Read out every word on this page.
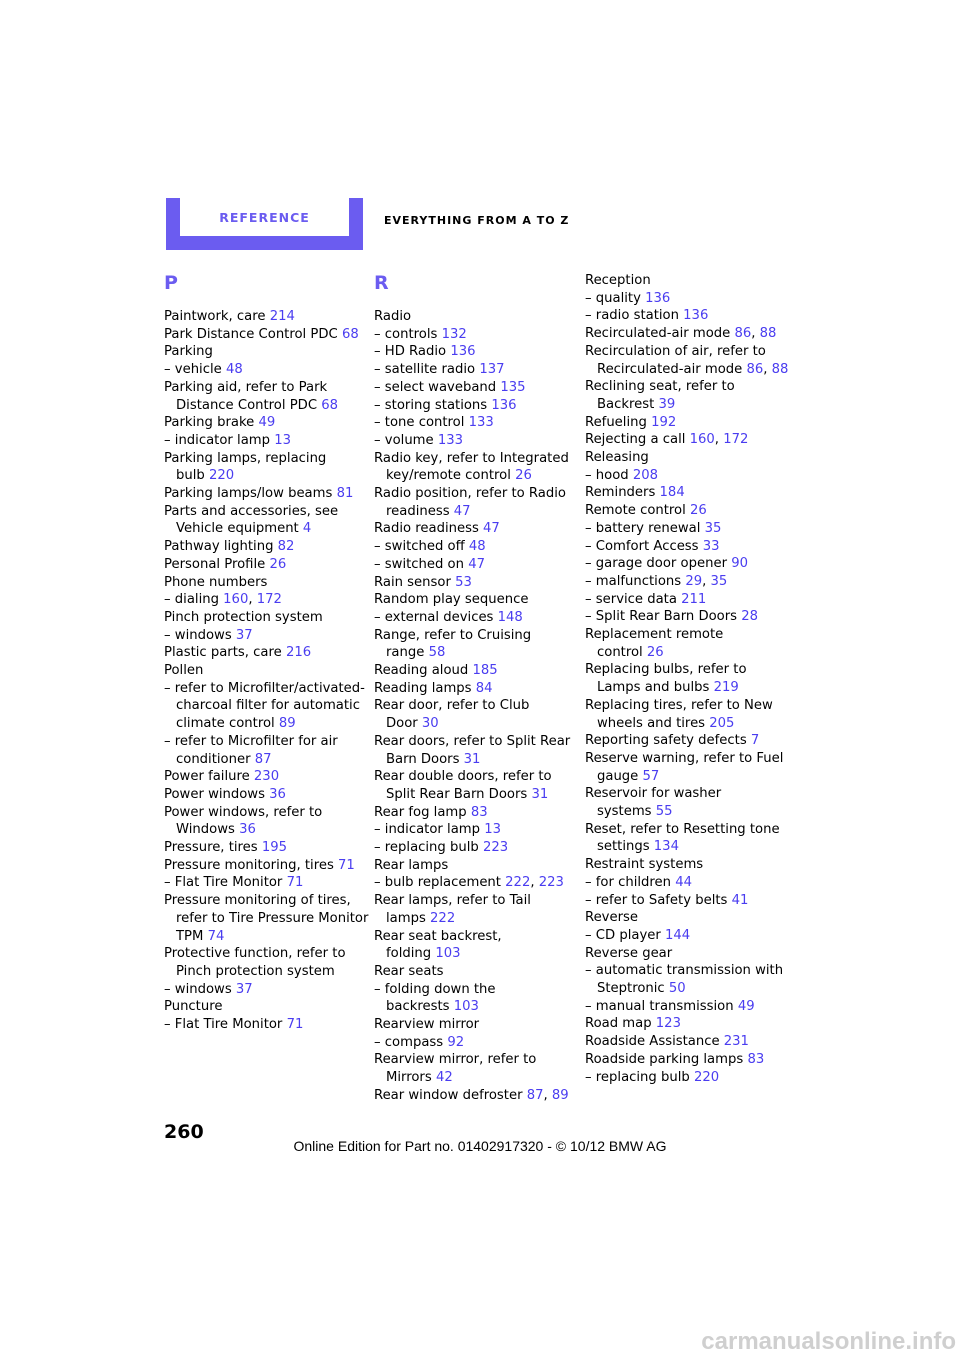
REFERENCE	EVERYTHING FROM A TO Z
P
Paintwork, care 214
Park Distance Control PDC 68
Parking
– vehicle 48
Parking aid, refer to Park Distance Control PDC 68
Parking brake 49
– indicator lamp 13
Parking lamps, replacing bulb 220
Parking lamps/low beams 81
Parts and accessories, see Vehicle equipment 4
Pathway lighting 82
Personal Profile 26
Phone numbers
– dialing 160, 172
Pinch protection system
– windows 37
Plastic parts, care 216
Pollen
– refer to Microfilter/activated-charcoal filter for automatic climate control 89
– refer to Microfilter for air conditioner 87
Power failure 230
Power windows 36
Power windows, refer to Windows 36
Pressure, tires 195
Pressure monitoring, tires 71
– Flat Tire Monitor 71
Pressure monitoring of tires, refer to Tire Pressure Monitor TPM 74
Protective function, refer to Pinch protection system
– windows 37
Puncture
– Flat Tire Monitor 71
R
Radio
– controls 132
– HD Radio 136
– satellite radio 137
– select waveband 135
– storing stations 136
– tone control 133
– volume 133
Radio key, refer to Integrated key/remote control 26
Radio position, refer to Radio readiness 47
Radio readiness 47
– switched off 48
– switched on 47
Rain sensor 53
Random play sequence
– external devices 148
Range, refer to Cruising range 58
Reading aloud 185
Reading lamps 84
Rear door, refer to Club Door 30
Rear doors, refer to Split Rear Barn Doors 31
Rear double doors, refer to Split Rear Barn Doors 31
Rear fog lamp 83
– indicator lamp 13
– replacing bulb 223
Rear lamps
– bulb replacement 222, 223
Rear lamps, refer to Tail lamps 222
Rear seat backrest, folding 103
Rear seats
– folding down the backrests 103
Rearview mirror
– compass 92
Rearview mirror, refer to Mirrors 42
Rear window defroster 87, 89
Reception
– quality 136
– radio station 136
Recirculated-air mode 86, 88
Recirculation of air, refer to Recirculated-air mode 86, 88
Reclining seat, refer to Backrest 39
Refueling 192
Rejecting a call 160, 172
Releasing
– hood 208
Reminders 184
Remote control 26
– battery renewal 35
– Comfort Access 33
– garage door opener 90
– malfunctions 29, 35
– service data 211
– Split Rear Barn Doors 28
Replacement remote control 26
Replacing bulbs, refer to Lamps and bulbs 219
Replacing tires, refer to New wheels and tires 205
Reporting safety defects 7
Reserve warning, refer to Fuel gauge 57
Reservoir for washer systems 55
Reset, refer to Resetting tone settings 134
Restraint systems
– for children 44
– refer to Safety belts 41
Reverse
– CD player 144
Reverse gear
– automatic transmission with Steptronic 50
– manual transmission 49
Road map 123
Roadside Assistance 231
Roadside parking lamps 83
– replacing bulb 220
260
Online Edition for Part no. 01402917320 - © 10/12 BMW AG
carmanualsonline.info
